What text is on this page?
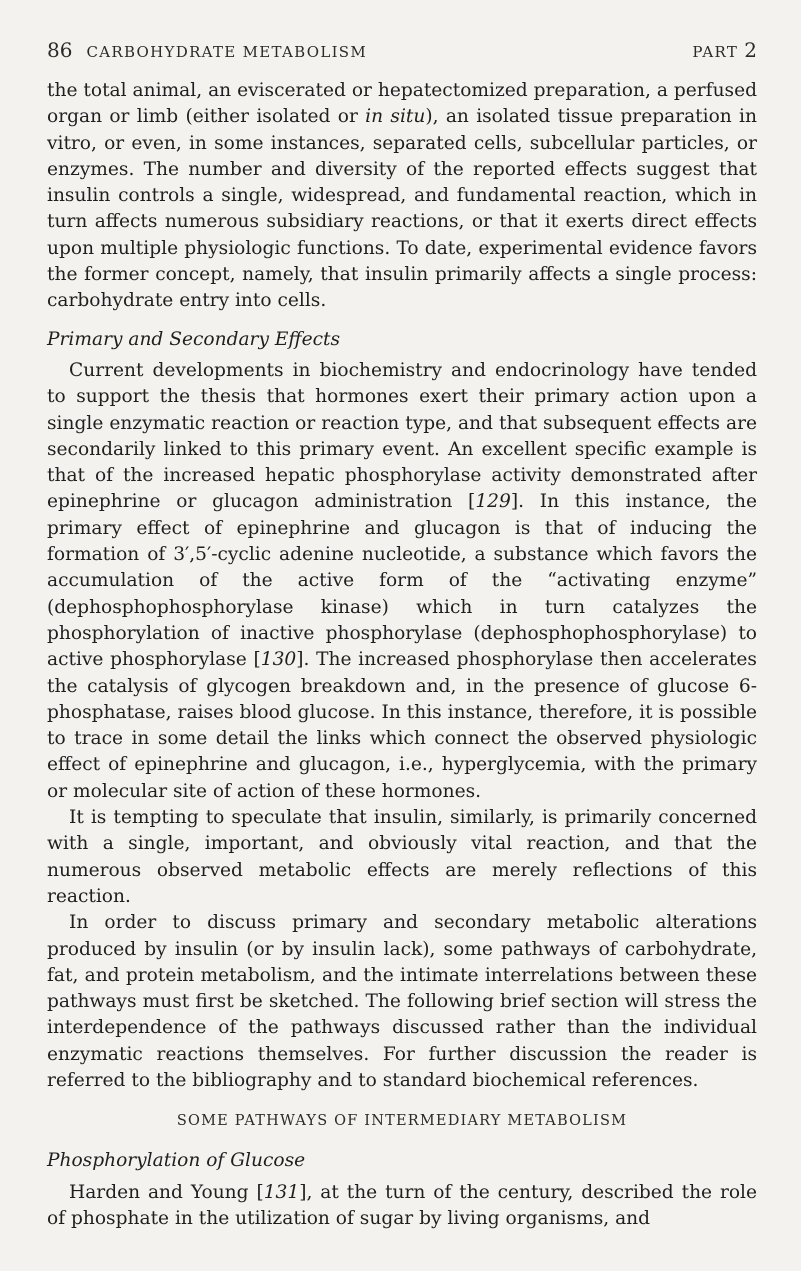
86 CARBOHYDRATE METABOLISM	PART 2

the total animal, an eviscerated or hepatectomized preparation, a perfused organ or limb (either isolated or in situ), an isolated tissue preparation in vitro, or even, in some instances, separated cells, subcellular particles, or enzymes. The number and diversity of the reported effects suggest that insulin controls a single, widespread, and fundamental reaction, which in turn affects numerous subsidiary reactions, or that it exerts direct effects upon multiple physiologic functions. To date, experimental evidence favors the former concept, namely, that insulin primarily affects a single process: carbohydrate entry into cells.

Primary and Secondary Effects

Current developments in biochemistry and endocrinology have tended to support the thesis that hormones exert their primary action upon a single enzymatic reaction or reaction type, and that subsequent effects are secondarily linked to this primary event. An excellent specific example is that of the increased hepatic phosphorylase activity demonstrated after epinephrine or glucagon administration [129]. In this instance, the primary effect of epinephrine and glucagon is that of inducing the formation of 3′,5′-cyclic adenine nucleotide, a substance which favors the accumulation of the active form of the “activating enzyme” (dephosphophosphorylase kinase) which in turn catalyzes the phosphorylation of inactive phosphorylase (dephosphophosphorylase) to active phosphorylase [130]. The increased phosphorylase then accelerates the catalysis of glycogen breakdown and, in the presence of glucose 6-phosphatase, raises blood glucose. In this instance, therefore, it is possible to trace in some detail the links which connect the observed physiologic effect of epinephrine and glucagon, i.e., hyperglycemia, with the primary or molecular site of action of these hormones.

It is tempting to speculate that insulin, similarly, is primarily concerned with a single, important, and obviously vital reaction, and that the numerous observed metabolic effects are merely reflections of this reaction.

In order to discuss primary and secondary metabolic alterations produced by insulin (or by insulin lack), some pathways of carbohydrate, fat, and protein metabolism, and the intimate interrelations between these pathways must first be sketched. The following brief section will stress the interdependence of the pathways discussed rather than the individual enzymatic reactions themselves. For further discussion the reader is referred to the bibliography and to standard biochemical references.

SOME PATHWAYS OF INTERMEDIARY METABOLISM
Phosphorylation of Glucose

Harden and Young [131], at the turn of the century, described the role of phosphate in the utilization of sugar by living organisms, and
